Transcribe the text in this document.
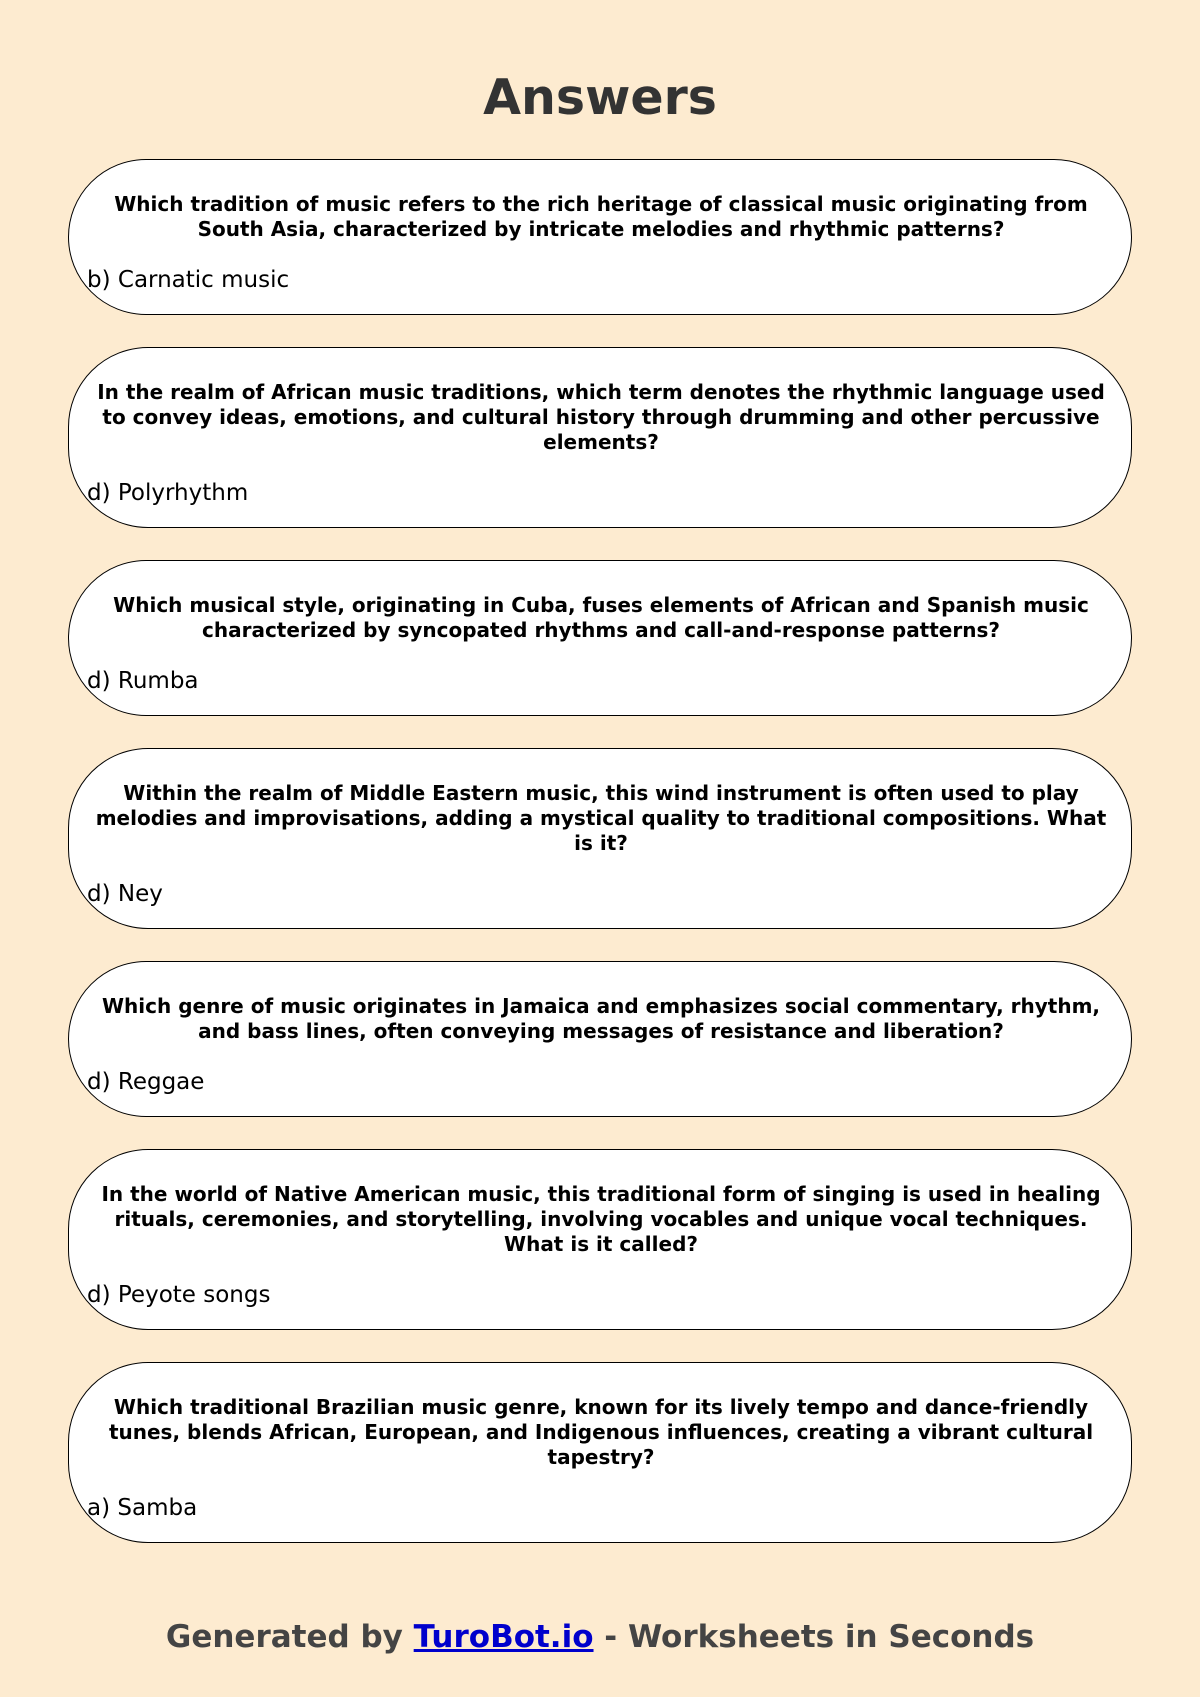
Answers

Which tradition of music refers to the rich heritage of classical music originating from South Asia, characterized by intricate melodies and rhythmic patterns?

b) Carnatic music

In the realm of African music traditions, which term denotes the rhythmic language used to convey ideas, emotions, and cultural history through drumming and other percussive elements?

d) Polyrhythm

Which musical style, originating in Cuba, fuses elements of African and Spanish music characterized by syncopated rhythms and call-and-response patterns?

d) Rumba

Within the realm of Middle Eastern music, this wind instrument is often used to play melodies and improvisations, adding a mystical quality to traditional compositions. What is it?

d) Ney

Which genre of music originates in Jamaica and emphasizes social commentary, rhythm, and bass lines, often conveying messages of resistance and liberation?

d) Reggae

In the world of Native American music, this traditional form of singing is used in healing rituals, ceremonies, and storytelling, involving vocables and unique vocal techniques. What is it called?

d) Peyote songs

Which traditional Brazilian music genre, known for its lively tempo and dance-friendly tunes, blends African, European, and Indigenous influences, creating a vibrant cultural tapestry?

a) Samba

Generated by TuroBot.io - Worksheets in Seconds
